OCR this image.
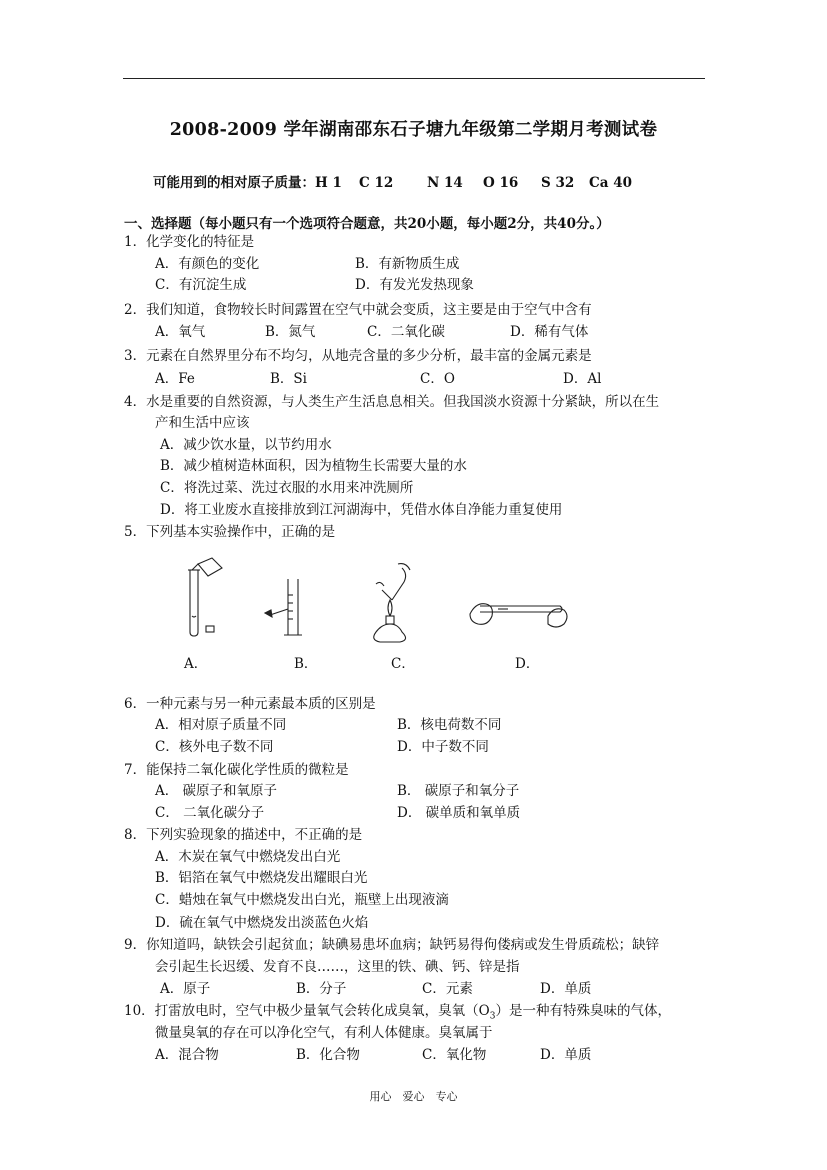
2008-2009 学年湖南邵东石子塘九年级第二学期月考测试卷
可能用到的相对原子质量：H 1 C 12	N 14 O 16 S 32 Ca 40
一、选择题（每小题只有一个选项符合题意，共20小题，每小题2分，共40分。）
1．化学变化的特征是
A．有颜色的变化	B．有新物质生成
C．有沉淀生成	D．有发光发热现象
2．我们知道，食物较长时间露置在空气中就会变质，这主要是由于空气中含有
A．氧气	B．氮气	C．二氧化碳	D．稀有气体
3．元素在自然界里分布不均匀，从地壳含量的多少分析，最丰富的金属元素是
A．Fe	B．Si	C．O	D．Al
4．水是重要的自然资源，与人类生产生活息息相关。但我国淡水资源十分紧缺，所以在生
产和生活中应该
A．减少饮水量，以节约用水
B．减少植树造林面积，因为植物生长需要大量的水
C．将洗过菜、洗过衣服的水用来冲洗厕所
D．将工业废水直接排放到江河湖海中，凭借水体自净能力重复使用
5．下列基本实验操作中，正确的是
A．	B．	C．	D．
6．一种元素与另一种元素最本质的区别是
A．相对原子质量不同	B．核电荷数不同
C．核外电子数不同	D．中子数不同
7．能保持二氧化碳化学性质的微粒是
A． 碳原子和氧原子	B． 碳原子和氧分子
C． 二氧化碳分子	D． 碳单质和氧单质
8．下列实验现象的描述中，不正确的是
A．木炭在氧气中燃烧发出白光
B．铝箔在氧气中燃烧发出耀眼白光
C．蜡烛在氧气中燃烧发出白光，瓶壁上出现液滴
D．硫在氧气中燃烧发出淡蓝色火焰
9．你知道吗，缺铁会引起贫血；缺碘易患坏血病；缺钙易得佝偻病或发生骨质疏松；缺锌
会引起生长迟缓、发育不良……，这里的铁、碘、钙、锌是指
A．原子	B．分子	C．元素	D．单质
10．打雷放电时，空气中极少量氧气会转化成臭氧，臭氧$(O_3)$是一种有特殊臭味的气体，
微量臭氧的存在可以净化空气，有利人体健康。臭氧属于
A．混合物	B．化合物	C．氧化物	D．单质
用心　爱心　专心
